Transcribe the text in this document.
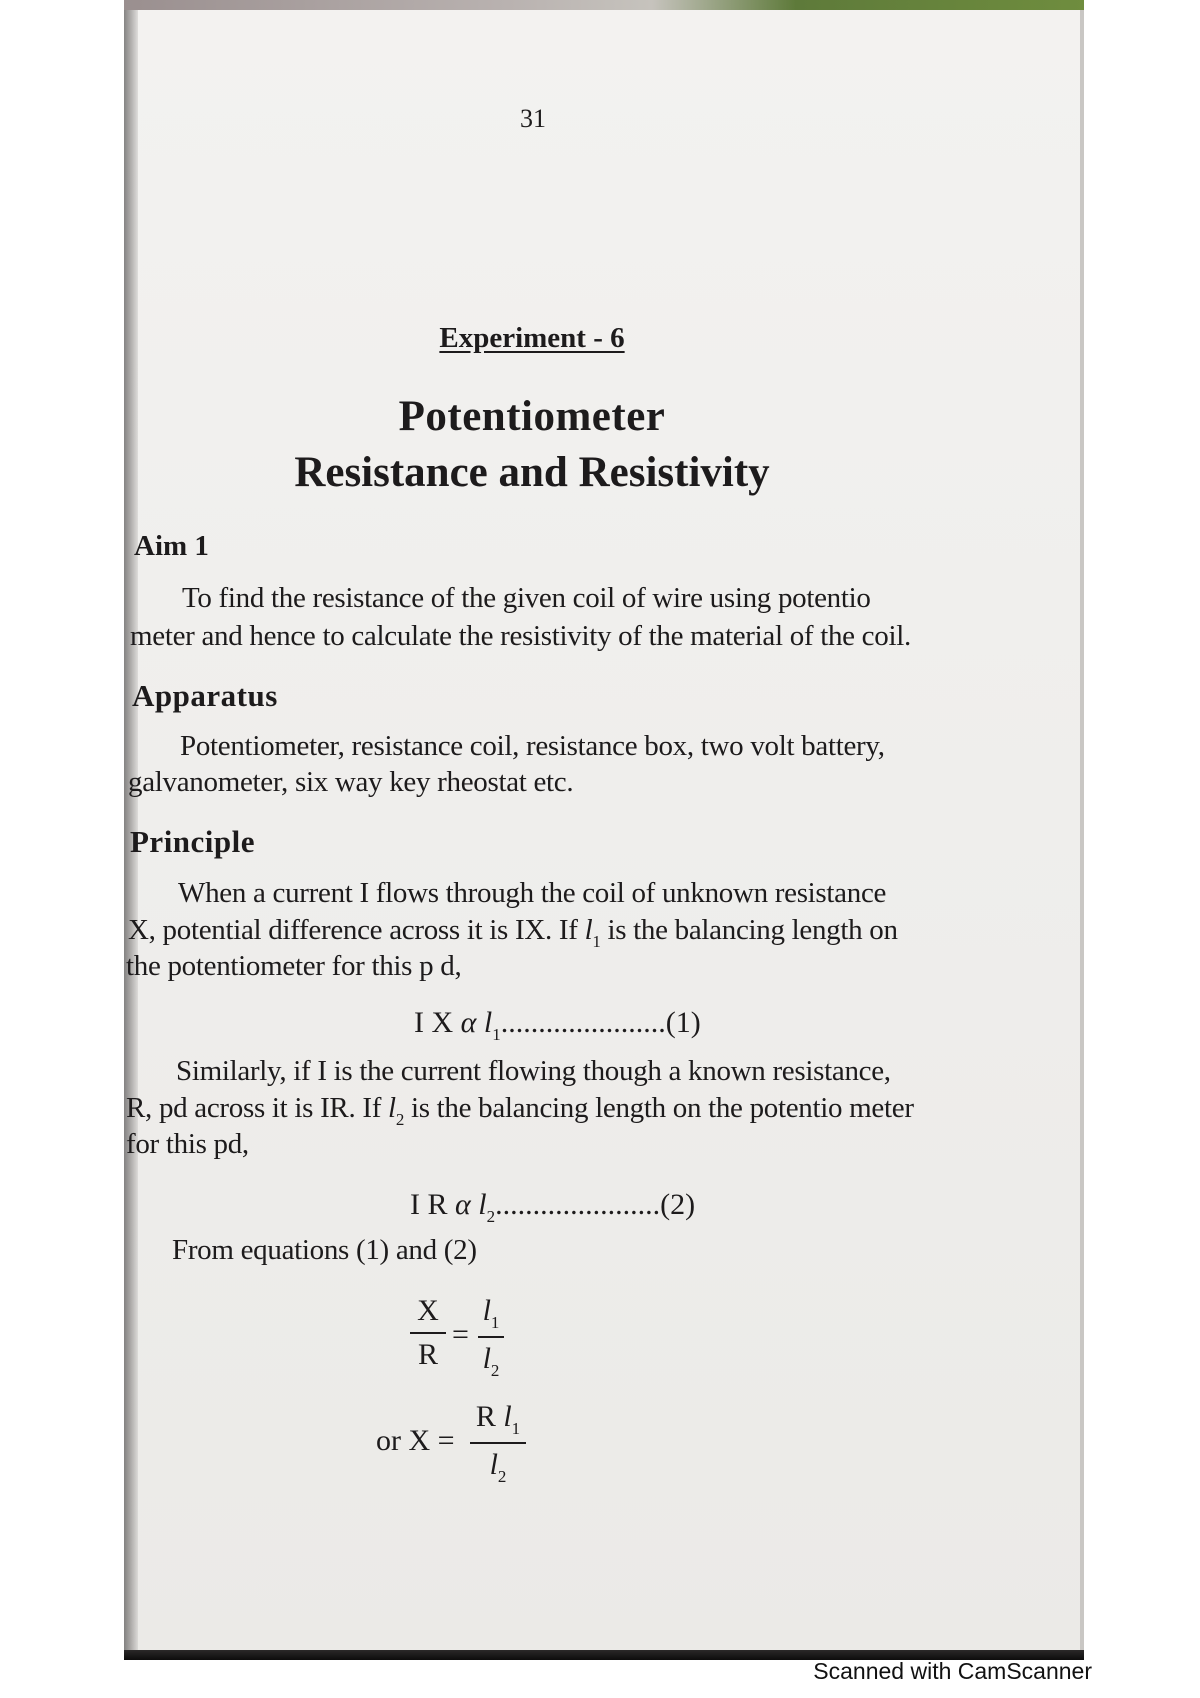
31
Experiment - 6
Potentiometer
Resistance and Resistivity
Aim 1
To find the resistance of the given coil of wire using potentio
meter and hence to calculate the resistivity of the material of the coil.
Apparatus
Potentiometer, resistance coil, resistance box, two volt battery,
galvanometer, six way key rheostat etc.
Principle
When a current I flows through the coil of unknown resistance
X, potential difference across it is IX. If $l_1$ is the balancing length on
the potentiometer for this p d,
I X α $l_1......................(1)$
Similarly, if I is the current flowing though a known resistance,
R, pd across it is IR. If $l_2$ is the balancing length on the potentio meter
for this pd,
I R α $l_2......................(2)$
From equations (1) and (2)
X
R
=
$l_1$
$l_2$
or X =
R $l_1$
$l_2$
Scanned with CamScanner
